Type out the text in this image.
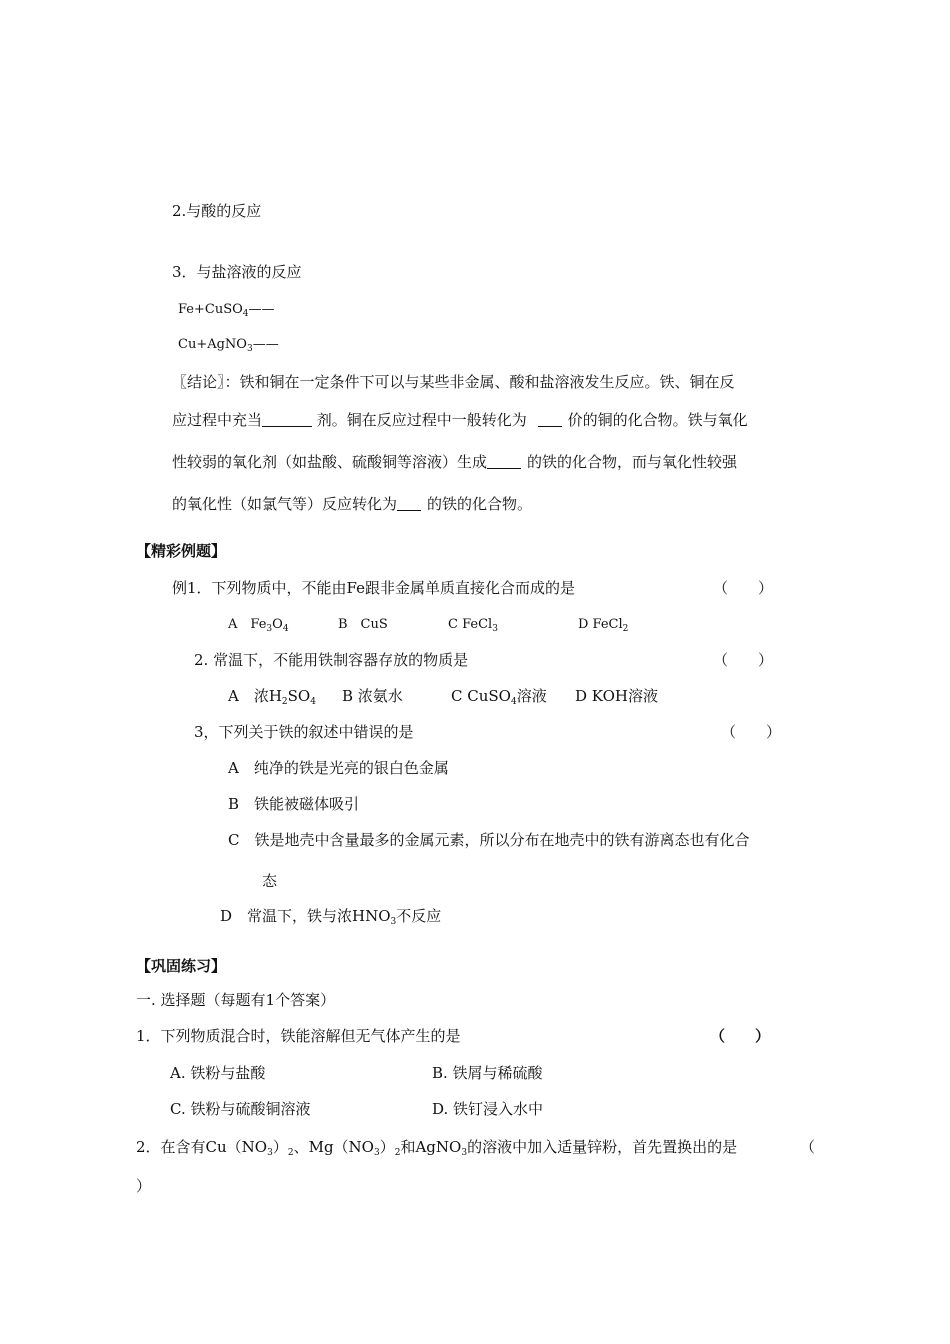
2.与酸的反应
3．与盐溶液的反应
Fe+CuSO$_4$——
Cu+AgNO$_3$——
〖结论〗：铁和铜在一定条件下可以与某些非金属、酸和盐溶液发生反应。铁、铜在反
应过程中充当	剂。铜在反应过程中一般转化为	价的铜的化合物。铁与氧化
性较弱的氧化剂（如盐酸、硫酸铜等溶液）生成	的铁的化合物，而与氧化性较强
的氧化性（如氯气等）反应转化为 的铁的化合物。
【精彩例题】
例1．下列物质中，不能由Fe跟非金属单质直接化合而成的是	（　　）
A　$Fe_3O_4$	B　CuS	C FeCl$_3$	D FeCl$_2$
2. 常温下，不能用铁制容器存放的物质是	（　　）
A　浓$H_2SO_4$ B 浓氨水	C CuSO$_4$溶液 D KOH溶液
3，下列关于铁的叙述中错误的是	（　　）
A　纯净的铁是光亮的银白色金属
B　铁能被磁体吸引
C　铁是地壳中含量最多的金属元素，所以分布在地壳中的铁有游离态也有化合
态
D　常温下，铁与浓$HNO_3$不反应
【巩固练习】
一. 选择题（每题有1个答案）
1．下列物质混合时，铁能溶解但无气体产生的是	（　　）
A. 铁粉与盐酸	B. 铁屑与稀硫酸
C. 铁粉与硫酸铜溶液	D. 铁钉浸入水中
2．在含有$Cu(NO_3)_2$、$Mg(NO_3)_2$和AgNO$_3$的溶液中加入适量锌粉，首先置换出的是	（
）
